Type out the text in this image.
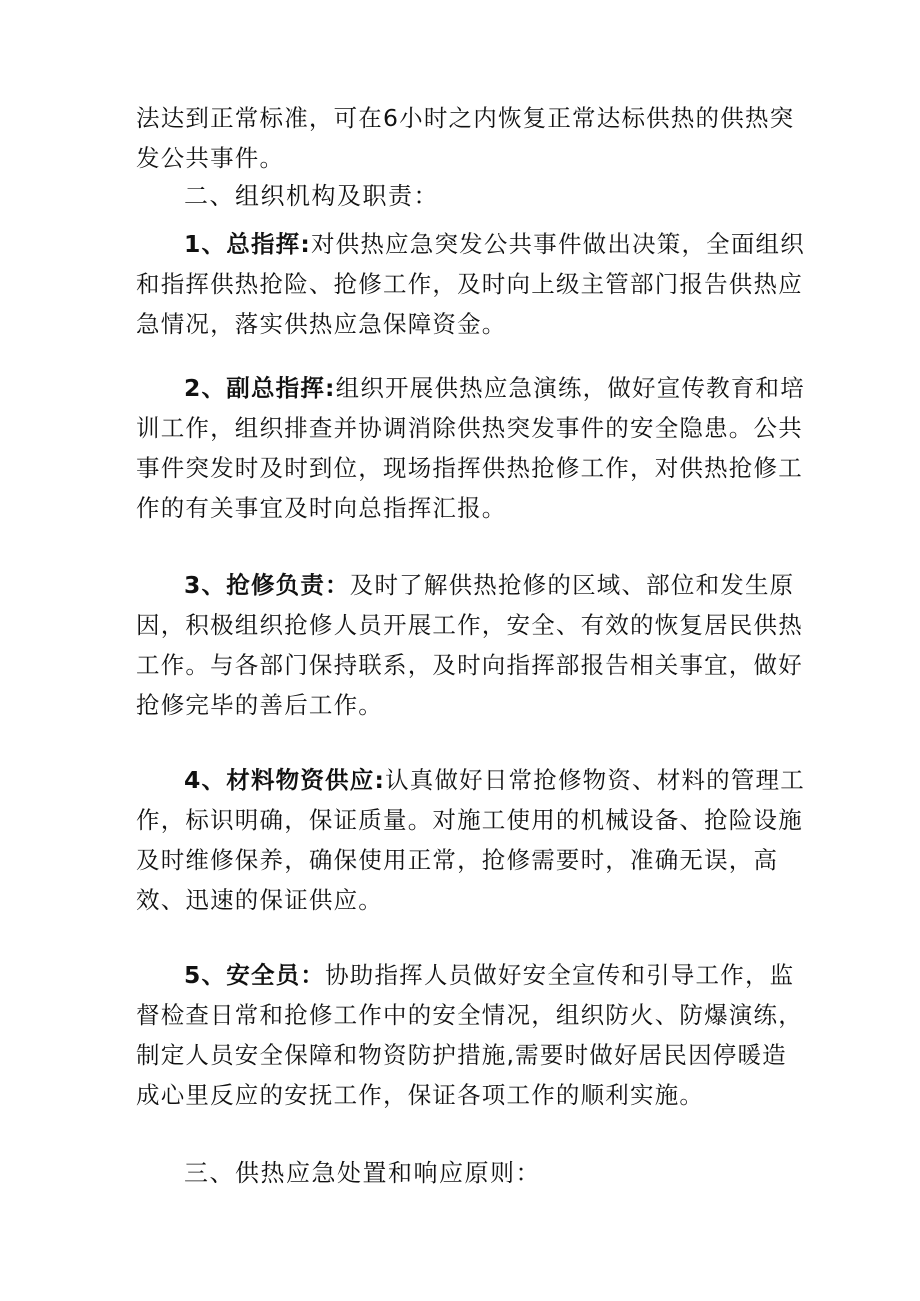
法达到正常标准，可在6小时之内恢复正常达标供热的供热突发公共事件。

二、组织机构及职责：

1、总指挥:对供热应急突发公共事件做出决策，全面组织和指挥供热抢险、抢修工作，及时向上级主管部门报告供热应急情况，落实供热应急保障资金。

2、副总指挥:组织开展供热应急演练，做好宣传教育和培训工作，组织排查并协调消除供热突发事件的安全隐患。公共事件突发时及时到位，现场指挥供热抢修工作，对供热抢修工作的有关事宜及时向总指挥汇报。

3、抢修负责：及时了解供热抢修的区域、部位和发生原因，积极组织抢修人员开展工作，安全、有效的恢复居民供热工作。与各部门保持联系，及时向指挥部报告相关事宜，做好抢修完毕的善后工作。

4、材料物资供应:认真做好日常抢修物资、材料的管理工作，标识明确，保证质量。对施工使用的机械设备、抢险设施及时维修保养，确保使用正常，抢修需要时，准确无误，高效、迅速的保证供应。

5、安全员：协助指挥人员做好安全宣传和引导工作，监督检查日常和抢修工作中的安全情况，组织防火、防爆演练，制定人员安全保障和物资防护措施,需要时做好居民因停暖造成心里反应的安抚工作，保证各项工作的顺利实施。

三、供热应急处置和响应原则：
